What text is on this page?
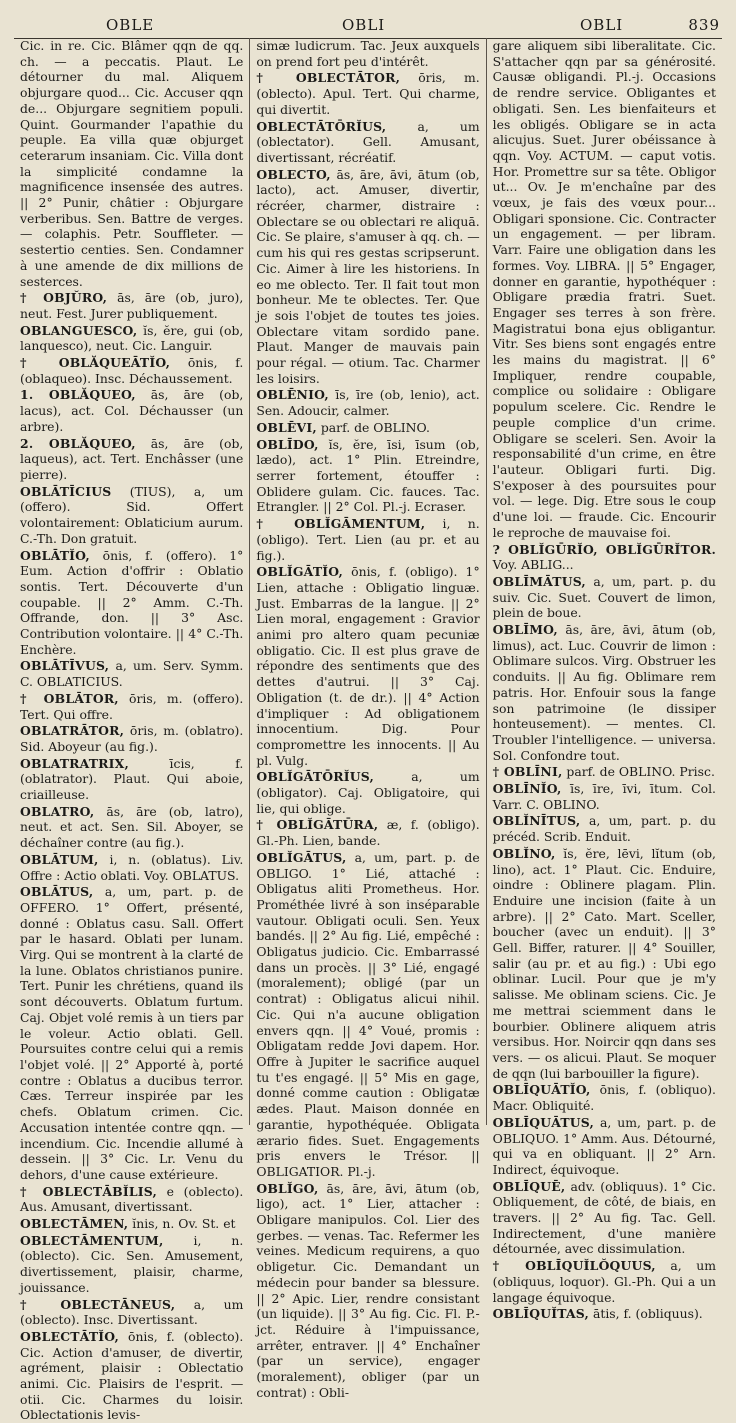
OBLE	OBLI	OBLI	839
Cic. in re. Cic. Blâmer qqn de qq. ch. — a peccatis. Plaut. Le détourner du mal. Aliquem objurgare quod... Cic. Accuser qqn de... Objurgare segnitiem populi. Quint. Gourmander l'apathie du peuple. Ea villa quæ objurget ceterarum insaniam. Cic. Villa dont la simplicité condamne la magnificence insensée des autres. || 2° Punir, châtier : Objurgare verberibus. Sen. Battre de verges. — colaphis. Petr. Souffleter. — sestertio centies. Sen. Condamner à une amende de dix millions de sesterces.
† OBJŬRO, ās, āre (ob, juro), neut. Fest. Jurer publiquement.
OBLANGUESCO, ĭs, ĕre, gui (ob, lanquesco), neut. Cic. Languir.
† OBLĂQUEĀTĬO, ōnis, f. (oblaqueo). Insc. Déchaussement.
1. OBLĂQUEO, ās, āre (ob, lacus), act. Col. Déchausser (un arbre).
2. OBLĂQUEO, ās, āre (ob, laqueus), act. Tert. Enchâsser (une pierre).
OBLĀTĪCIUS (TIUS), a, um (offero). Sid. Offert volontairement: Oblaticium aurum. C.-Th. Don gratuit.
OBLĀTĬO, ōnis, f. (offero). 1° Eum. Action d'offrir : Oblatio sontis. Tert. Découverte d'un coupable. || 2° Amm. C.-Th. Offrande, don. || 3° Asc. Contribution volontaire. || 4° C.-Th. Enchère.
OBLĀTĪVUS, a, um. Serv. Symm. C. OBLATICIUS.
† OBLĀTOR, ōris, m. (offero). Tert. Qui offre.
OBLATRĀTOR, ōris, m. (oblatro). Sid. Aboyeur (au fig.).
OBLATRATRIX,	īcis, f. (oblatrator). Plaut. Qui aboie, criailleuse.
OBLATRO, ās, āre (ob, latro), neut. et act. Sen. Sil. Aboyer, se déchaîner contre (au fig.).
OBLĀTUM, i, n. (oblatus). Liv. Offre : Actio oblati. Voy. OBLATUS.
OBLĀTUS, a, um, part. p. de OFFERO. 1° Offert, présenté, donné : Oblatus casu. Sall. Offert par le hasard. Oblati per lunam. Virg. Qui se montrent à la clarté de la lune. Oblatos christianos punire. Tert. Punir les chrétiens, quand ils sont découverts. Oblatum furtum. Caj. Objet volé remis à un tiers par le voleur. Actio oblati. Gell. Poursuites contre celui qui a remis l'objet volé. || 2° Apporté à, porté contre : Oblatus a ducibus terror. Cæs. Terreur inspirée par les chefs. Oblatum crimen. Cic. Accusation intentée contre qqn. — incendium. Cic. Incendie allumé à dessein. || 3° Cic. Lr. Venu du dehors, d'une cause extérieure.
† OBLECTĀBĬLIS, e (oblecto). Aus. Amusant, divertissant.
OBLECTĀMEN, ĭnis, n. Ov. St. et
OBLECTĀMENTUM, i, n. (oblecto). Cic. Sen. Amusement, divertissement, plaisir, charme, jouissance.
† OBLECTĀNEUS, a, um (oblecto). Insc. Divertissant.
OBLECTĀTĬO, ōnis, f. (oblecto). Cic. Action d'amuser, de divertir, agrément, plaisir : Oblectatio animi. Cic. Plaisirs de l'esprit. — otii. Cic. Charmes du loisir. Oblectationis levis-
simæ ludicrum. Tac. Jeux auxquels on prend fort peu d'intérêt.
† OBLECTĀTOR, ōris, m. (oblecto). Apul. Tert. Qui charme, qui divertit.
OBLECTĀTŌRĬUS,	a, um (oblectator). Gell. Amusant, divertissant, récréatif.
OBLECTO, ās, āre, āvi, ātum (ob, lacto), act. Amuser, divertir, récréer, charmer, distraire : Oblectare se ou oblectari re aliquā. Cic. Se plaire, s'amuser à qq. ch. — cum his qui res gestas scripserunt. Cic. Aimer à lire les historiens. In eo me oblecto. Ter. Il fait tout mon bonheur. Me te oblectes. Ter. Que je sois l'objet de toutes tes joies. Oblectare vitam sordido pane. Plaut. Manger de mauvais pain pour régal. — otium. Tac. Charmer les loisirs.
OBLĒNIO, īs, īre (ob, lenio), act. Sen. Adoucir, calmer.
OBLĒVI, parf. de OBLINO.
OBLĪDO, ĭs, ĕre, īsi, īsum (ob, lædo), act. 1° Plin. Etreindre, serrer fortement, étouffer : Oblidere gulam. Cic. fauces. Tac. Etrangler. || 2° Col. Pl.-j. Ecraser.
† OBLĬGĀMENTUM, i, n. (obligo). Tert. Lien (au pr. et au fig.).
OBLĬGĀTĬO, ōnis, f. (obligo). 1° Lien, attache : Obligatio linguæ. Just. Embarras de la langue. || 2° Lien moral, engagement : Gravior animi pro altero quam pecuniæ obligatio. Cic. Il est plus grave de répondre des sentiments que des dettes d'autrui. || 3° Caj. Obligation (t. de dr.). || 4° Action d'impliquer : Ad obligationem innocentium. Dig. Pour compromettre les innocents. || Au pl. Vulg.
OBLĬGĀTŌRĬUS,	a, um (obligator). Caj. Obligatoire, qui lie, qui oblige.
† OBLĬGĀTŪRA, æ, f. (obligo). Gl.-Ph. Lien, bande.
OBLĬGĀTUS, a, um, part. p. de OBLIGO. 1° Lié, attaché : Obligatus aliti Prometheus. Hor. Prométhée livré à son inséparable vautour. Obligati oculi. Sen. Yeux bandés. || 2° Au fig. Lié, empêché : Obligatus judicio. Cic. Embarrassé dans un procès. || 3° Lié, engagé (moralement); obligé (par un contrat) : Obligatus alicui nihil. Cic. Qui n'a aucune obligation envers qqn. || 4° Voué, promis : Obligatam redde Jovi dapem. Hor. Offre à Jupiter le sacrifice auquel tu t'es engagé. || 5° Mis en gage, donné comme caution : Obligatæ ædes. Plaut. Maison donnée en garantie, hypothéquée. Obligata ærario fides. Suet. Engagements pris envers le Trésor. || OBLIGATIOR. Pl.-j.
OBLĬGO, ās, āre, āvi, ātum (ob, ligo), act. 1° Lier, attacher : Obligare manipulos. Col. Lier des gerbes. — venas. Tac. Refermer les veines. Medicum requirens, a quo obligetur. Cic. Demandant un médecin pour bander sa blessure. || 2° Apic. Lier, rendre consistant (un liquide). || 3° Au fig. Cic. Fl. P.-jct. Réduire à l'impuissance, arrêter, entraver. || 4° Enchaîner (par un service), engager (moralement), obliger (par un contrat) : Obli-
gare aliquem sibi liberalitate. Cic. S'attacher qqn par sa générosité. Causæ obligandi. Pl.-j. Occasions de rendre service. Obligantes et obligati. Sen. Les bienfaiteurs et les obligés. Obligare se in acta alicujus. Suet. Jurer obéissance à qqn. Voy. ACTUM. — caput votis. Hor. Promettre sur sa tête. Obligor ut... Ov. Je m'enchaîne par des vœux, je fais des vœux pour... Obligari sponsione. Cic. Contracter un engagement. — per libram. Varr. Faire une obligation dans les formes. Voy. LIBRA. || 5° Engager, donner en garantie, hypothéquer : Obligare prædia fratri. Suet. Engager ses terres à son frère. Magistratui bona ejus obligantur. Vitr. Ses biens sont engagés entre les mains du magistrat. || 6° Impliquer, rendre coupable, complice ou solidaire : Obligare populum scelere. Cic. Rendre le peuple complice d'un crime. Obligare se sceleri. Sen. Avoir la responsabilité d'un crime, en être l'auteur. Obligari furti. Dig. S'exposer à des poursuites pour vol. — lege. Dig. Etre sous le coup d'une loi. — fraude. Cic. Encourir le reproche de mauvaise foi.
? OBLĬGŪRĬO, OBLĬGŪRĬTOR. Voy. ABLIG...
OBLĪMĀTUS, a, um, part. p. du suiv. Cic. Suet. Couvert de limon, plein de boue.
OBLĪMO, ās, āre, āvi, ātum (ob, limus), act. Luc. Couvrir de limon : Oblimare sulcos. Virg. Obstruer les conduits. || Au fig. Oblimare rem patris. Hor. Enfouir sous la fange son patrimoine (le dissiper honteusement). — mentes. Cl. Troubler l'intelligence. — universa. Sol. Confondre tout.
† OBLĪNI, parf. de OBLINO. Prisc.
OBLĪNĬO, īs, īre, īvi, ītum. Col. Varr. C. OBLINO.
OBLĬNĪTUS, a, um, part. p. du précéd. Scrib. Enduit.
OBLĬNO, ĭs, ĕre, lēvi, lĭtum (ob, lino), act. 1° Plaut. Cic. Enduire, oindre : Oblinere plagam. Plin. Enduire une incision (faite à un arbre). || 2° Cato. Mart. Sceller, boucher (avec un enduit). || 3° Gell. Biffer, raturer. || 4° Souiller, salir (au pr. et au fig.) : Ubi ego oblinar. Lucil. Pour que je m'y salisse. Me oblinam sciens. Cic. Je me mettrai sciemment dans le bourbier. Oblinere aliquem atris versibus. Hor. Noircir qqn dans ses vers. — os alicui. Plaut. Se moquer de qqn (lui barbouiller la figure).
OBLĪQUĀTĬO, ōnis, f. (obliquo). Macr. Obliquité.
OBLĪQUĀTUS, a, um, part. p. de OBLIQUO. 1° Amm. Aus. Détourné, qui va en obliquant. || 2° Arn. Indirect, équivoque.
OBLĪQUĒ, adv. (obliquus). 1° Cic. Obliquement, de côté, de biais, en travers. || 2° Au fig. Tac. Gell. Indirectement, d'une manière détournée, avec dissimulation.
† OBLĪQUĬLŎQUUS, a, um (obliquus, loquor). Gl.-Ph. Qui a un langage équivoque.
OBLĪQUĬTAS, ātis, f. (obliquus).
